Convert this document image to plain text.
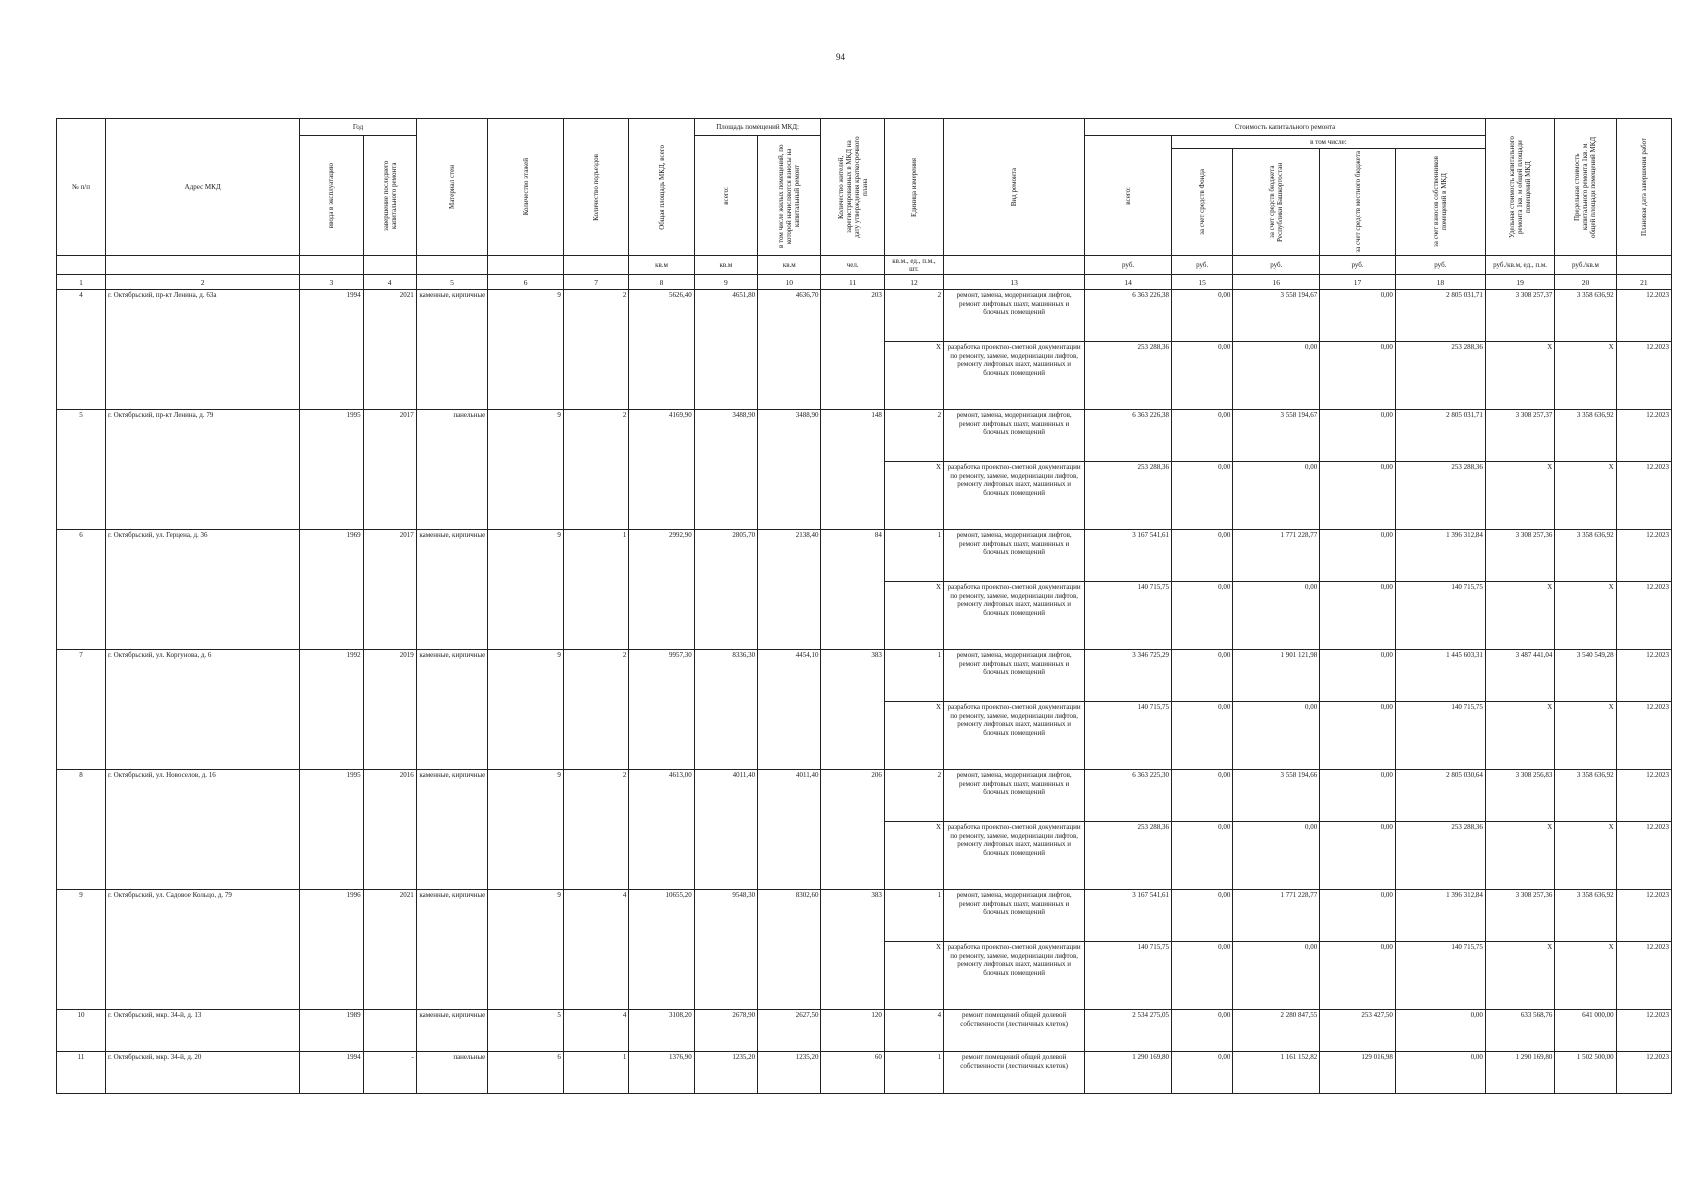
94
№ п/п	Адрес МКД	Год		Материал стен	Количество этажей	Количество подъездов	Общая площадь МКД, всего	Площадь помещений МКД:		Количество жителей, зарегистрированных в МКД на дату утверждения краткосрочного плана	Единица измерения	Вид ремонта	Стоимость капитального ремонта					Удельная стоимость капитального ремонта 1кв. м общей площади помещений МКД	Предельная стоимость капитального ремонта 1кв. м общей площади помещений МКД	Плановая дата завершения работ

		ввода в эксплуатацию	завершение последнего капитального ремонта					всего:	в том числе жилых помещений, по которой начисляются взносы на капитальный ремонт				всего:	в том числе:						

														за счет средств Фонда	за счет средств бюджета Республики Башкортостан	за счет средств местного бюджета	за счет взносов собственников помещений в МКД			

							кв.м	кв.м	кв.м	чел.	кв.м., ед., п.м., шт.		руб.	руб.	руб.	руб.	руб.	руб./кв.м, ед., п.м.	руб./кв.м	
1	2	3	4	5	6	7	8	9	10	11	12	13	14	15	16	17	18	19	20	21
4	г. Октябрьский, пр-кт Ленина, д. 63а	1994	2021	каменные, кирпичные	9	2	5626,40	4651,80	4636,70	203	2	ремонт, замена, модернизация лифтов, ремонт лифтовых шахт, машинных и блочных помещений	6 363 226,38	0,00	3 558 194,67	0,00	2 805 031,71	3 308 257,37	3 358 636,92	12.2023
											X	разработка проектно-сметной документации по ремонту, замене, модернизации лифтов, ремонту лифтовых шахт, машинных и блочных помещений	253 288,36	0,00	0,00	0,00	253 288,36	X	X	12.2023
5	г. Октябрьский, пр-кт Ленина, д. 79	1995	2017	панельные	9	2	4169,90	3488,90	3488,90	148	2	ремонт, замена, модернизация лифтов, ремонт лифтовых шахт, машинных и блочных помещений	6 363 226,38	0,00	3 558 194,67	0,00	2 805 031,71	3 308 257,37	3 358 636,92	12.2023
											X	разработка проектно-сметной документации по ремонту, замене, модернизации лифтов, ремонту лифтовых шахт, машинных и блочных помещений	253 288,36	0,00	0,00	0,00	253 288,36	X	X	12.2023
6	г. Октябрьский, ул. Герцена, д. 36	1969	2017	каменные, кирпичные	9	1	2992,90	2805,70	2138,40	84	1	ремонт, замена, модернизация лифтов, ремонт лифтовых шахт, машинных и блочных помещений	3 167 541,61	0,00	1 771 228,77	0,00	1 396 312,84	3 308 257,36	3 358 636,92	12.2023
											X	разработка проектно-сметной документации по ремонту, замене, модернизации лифтов, ремонту лифтовых шахт, машинных и блочных помещений	140 715,75	0,00	0,00	0,00	140 715,75	X	X	12.2023
7	г. Октябрьский, ул. Коргунова, д. 6	1992	2019	каменные, кирпичные	9	2	9957,30	8336,30	4454,10	383	1	ремонт, замена, модернизация лифтов, ремонт лифтовых шахт, машинных и блочных помещений	3 346 725,29	0,00	1 901 121,98	0,00	1 445 603,31	3 487 441,04	3 540 549,28	12.2023
											X	разработка проектно-сметной документации по ремонту, замене, модернизации лифтов, ремонту лифтовых шахт, машинных и блочных помещений	140 715,75	0,00	0,00	0,00	140 715,75	X	X	12.2023
8	г. Октябрьский, ул. Новоселов, д. 16	1995	2016	каменные, кирпичные	9	2	4613,00	4011,40	4011,40	206	2	ремонт, замена, модернизация лифтов, ремонт лифтовых шахт, машинных и блочных помещений	6 363 225,30	0,00	3 558 194,66	0,00	2 805 030,64	3 308 256,83	3 358 636,92	12.2023
											X	разработка проектно-сметной документации по ремонту, замене, модернизации лифтов, ремонту лифтовых шахт, машинных и блочных помещений	253 288,36	0,00	0,00	0,00	253 288,36	X	X	12.2023
9	г. Октябрьский, ул. Садовое Кольцо, д. 79	1996	2021	каменные, кирпичные	9	4	10655,20	9548,30	8302,60	383	1	ремонт, замена, модернизация лифтов, ремонт лифтовых шахт, машинных и блочных помещений	3 167 541,61	0,00	1 771 228,77	0,00	1 396 312,84	3 308 257,36	3 358 636,92	12.2023
											X	разработка проектно-сметной документации по ремонту, замене, модернизации лифтов, ремонту лифтовых шахт, машинных и блочных помещений	140 715,75	0,00	0,00	0,00	140 715,75	X	X	12.2023
10	г. Октябрьский, мкр. 34-й, д. 13	1989		каменные, кирпичные	5	4	3108,20	2678,90	2627,50	120	4	ремонт помещений общей долевой собственности (лестничных клеток)	2 534 275,05	0,00	2 280 847,55	253 427,50	0,00	633 568,76	641 000,00	12.2023
11	г. Октябрьский, мкр. 34-й, д. 20	1994	-	панельные	6	1	1376,90	1235,20	1235,20	60	1	ремонт помещений общей долевой собственности (лестничных клеток)	1 290 169,80	0,00	1 161 152,82	129 016,98	0,00	1 290 169,80	1 502 500,00	12.2023
